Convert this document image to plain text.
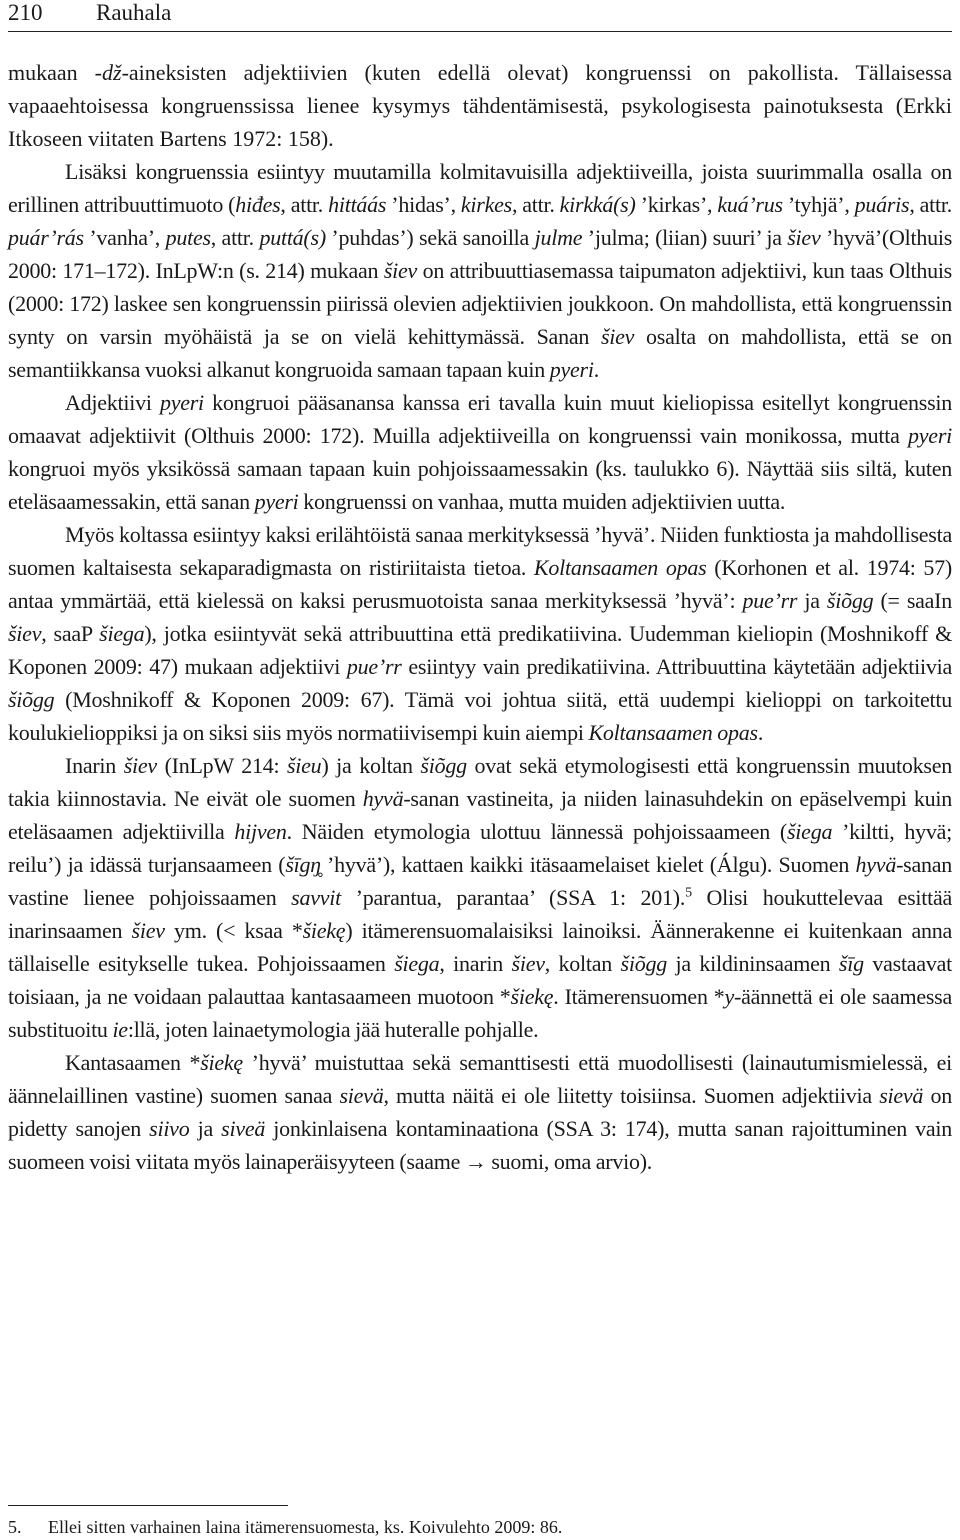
210 Rauhala

mukaan -dž-aineksisten adjektiivien (kuten edellä olevat) kongruenssi on pakollista. Tällaisessa vapaaehtoisessa kongruenssissa lienee kysymys tähdentämisestä, psykologisesta painotuksesta (Erkki Itkoseen viitaten Bartens 1972: 158).

Lisäksi kongruenssia esiintyy muutamilla kolmitavuisilla adjektiiveilla, joista suurimmalla osalla on erillinen attribuuttimuoto (hiđes, attr. hittáás ’hidas’, kirkes, attr. kirkká(s) ’kirkas’, kuá’rus ’tyhjä’, puáris, attr. puár’rás ’vanha’, putes, attr. puttá(s) ’puhdas’) sekä sanoilla julme ’julma; (liian) suuri’ ja šiev ’hyvä’(Olthuis 2000: 171–172). InLpW:n (s. 214) mukaan šiev on attribuuttiasemassa taipumaton adjektiivi, kun taas Olthuis (2000: 172) laskee sen kongruenssin piirissä olevien adjektiivien joukkoon. On mahdollista, että kongruenssin synty on varsin myöhäistä ja se on vielä kehittymässä. Sanan šiev osalta on mahdollista, että se on semantiikkansa vuoksi alkanut kongruoida samaan tapaan kuin pyeri.

Adjektiivi pyeri kongruoi pääsanansa kanssa eri tavalla kuin muut kieliopissa esitellyt kongruenssin omaavat adjektiivit (Olthuis 2000: 172). Muilla adjektiiveilla on kongruenssi vain monikossa, mutta pyeri kongruoi myös yksikössä samaan tapaan kuin pohjoissaamessakin (ks. taulukko 6). Näyttää siis siltä, kuten eteläsaamessakin, että sanan pyeri kongruenssi on vanhaa, mutta muiden adjektiivien uutta.

Myös koltassa esiintyy kaksi erilähtöistä sanaa merkityksessä ’hyvä’. Niiden funktiosta ja mahdollisesta suomen kaltaisesta sekaparadigmasta on ristiriitaista tietoa. Koltansaamen opas (Korhonen et al. 1974: 57) antaa ymmärtää, että kielessä on kaksi perusmuotoista sanaa merkityksessä ’hyvä’: pue’rr ja šiõgg (= saaIn šiev, saaP šiega), jotka esiintyvät sekä attribuuttina että predikatiivina. Uudemman kieliopin (Moshnikoff & Koponen 2009: 47) mukaan adjektiivi pue’rr esiintyy vain predikatiivina. Attribuuttina käytetään adjektiivia šiõgg (Moshnikoff & Koponen 2009: 67). Tämä voi johtua siitä, että uudempi kielioppi on tarkoitettu koulukielioppiksi ja on siksi siis myös normatiivisempi kuin aiempi Koltansaamen opas.

Inarin šiev (InLpW 214: šieu) ja koltan šiõgg ovat sekä etymologisesti että kongruenssin muutoksen takia kiinnostavia. Ne eivät ole suomen hyvä-sanan vastineita, ja niiden lainasuhdekin on epäselvempi kuin eteläsaamen adjektiivilla hijven. Näiden etymologia ulottuu lännessä pohjoissaameen (šiega ’kiltti, hyvä; reilu’) ja idässä turjansaameen (šīgŋ̥ ’hyvä’), kattaen kaikki itäsaamelaiset kielet (Álgu). Suomen hyvä-sanan vastine lienee pohjoissaamen savvit ’parantua, parantaa’ (SSA 1: 201).$^5$ Olisi houkuttelevaa esittää inarinsaamen šiev ym. (< ksaa *šiekę) itämerensuomalaisiksi lainoiksi. Äännerakenne ei kuitenkaan anna tällaiselle esitykselle tukea. Pohjoissaamen šiega, inarin šiev, koltan šiõgg ja kildininsaamen šīg vastaavat toisiaan, ja ne voidaan palauttaa kantasaameen muotoon *šiekę. Itämerensuomen *y-äännettä ei ole saamessa substituoitu ie:llä, joten lainaetymologia jää huteralle pohjalle.

Kantasaamen *šiekę ’hyvä’ muistuttaa sekä semanttisesti että muodollisesti (lainautumismielessä, ei äännelaillinen vastine) suomen sanaa sievä, mutta näitä ei ole liitetty toisiinsa. Suomen adjektiivia sievä on pidetty sanojen siivo ja siveä jonkinlaisena kontaminaationa (SSA 3: 174), mutta sanan rajoittuminen vain suomeen voisi viitata myös lainaperäisyyteen (saame → suomi, oma arvio).

5. Ellei sitten varhainen laina itämerensuomesta, ks. Koivulehto 2009: 86.
